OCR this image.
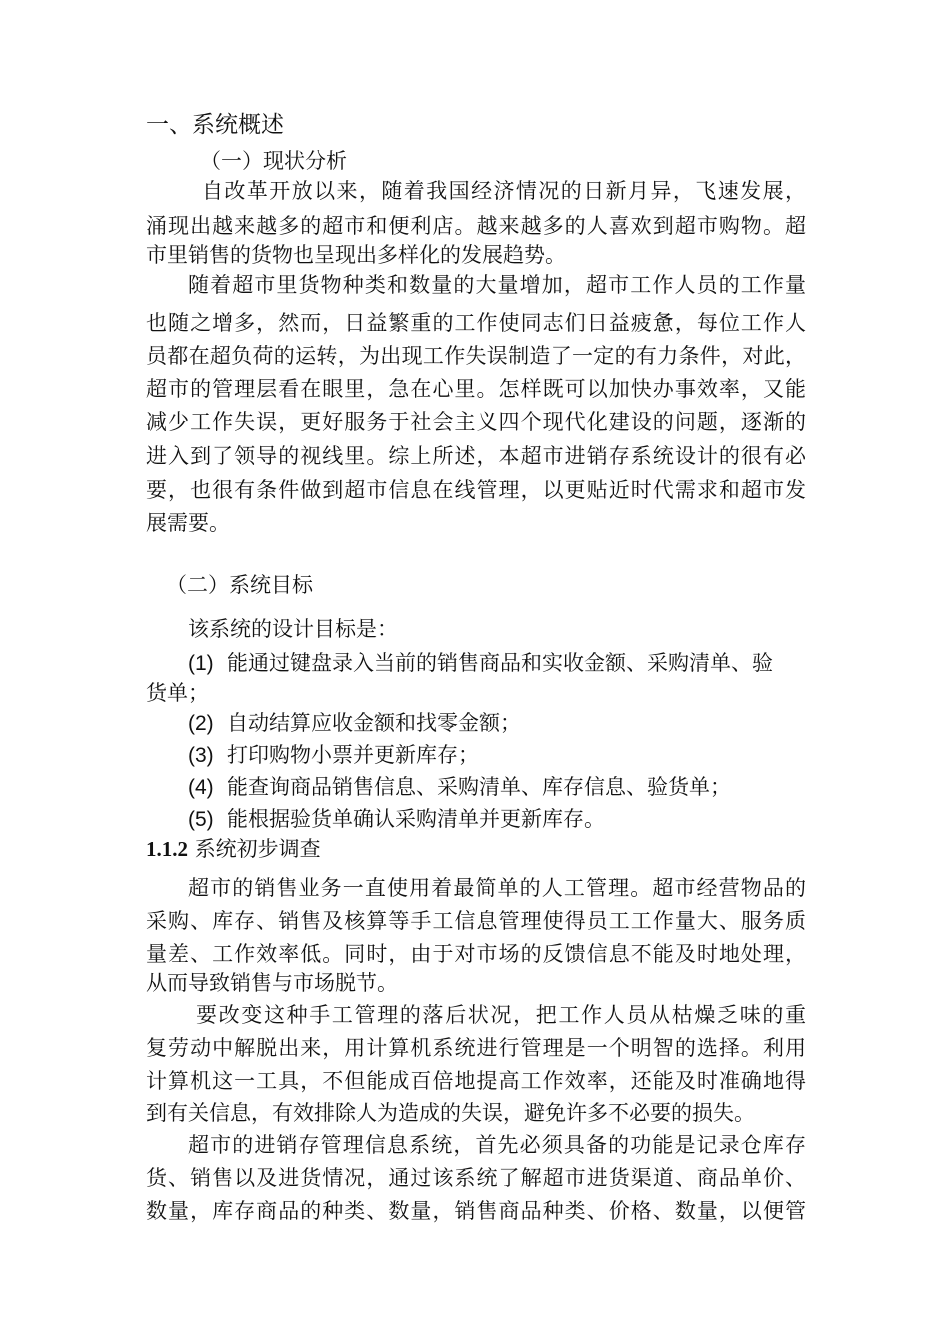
一、系统概述
（一）现状分析
自改革开放以来，随着我国经济情况的日新月异，飞速发展，
涌现出越来越多的超市和便利店。越来越多的人喜欢到超市购物。超
市里销售的货物也呈现出多样化的发展趋势。
随着超市里货物种类和数量的大量增加，超市工作人员的工作量
也随之增多，然而，日益繁重的工作使同志们日益疲惫，每位工作人
员都在超负荷的运转，为出现工作失误制造了一定的有力条件，对此，
超市的管理层看在眼里，急在心里。怎样既可以加快办事效率，又能
减少工作失误，更好服务于社会主义四个现代化建设的问题，逐渐的
进入到了领导的视线里。综上所述，本超市进销存系统设计的很有必
要，也很有条件做到超市信息在线管理，以更贴近时代需求和超市发
展需要。
（二）系统目标
该系统的设计目标是：
(1) 能通过键盘录入当前的销售商品和实收金额、采购清单、验
货单；
(2) 自动结算应收金额和找零金额；
(3) 打印购物小票并更新库存；
(4) 能查询商品销售信息、采购清单、库存信息、验货单；
(5) 能根据验货单确认采购清单并更新库存。
1.1.2 系统初步调查
超市的销售业务一直使用着最简单的人工管理。超市经营物品的
采购、库存、销售及核算等手工信息管理使得员工工作量大、服务质
量差、工作效率低。同时，由于对市场的反馈信息不能及时地处理，
从而导致销售与市场脱节。
要改变这种手工管理的落后状况，把工作人员从枯燥乏味的重
复劳动中解脱出来，用计算机系统进行管理是一个明智的选择。利用
计算机这一工具，不但能成百倍地提高工作效率，还能及时准确地得
到有关信息，有效排除人为造成的失误，避免许多不必要的损失。
超市的进销存管理信息系统，首先必须具备的功能是记录仓库存
货、销售以及进货情况，通过该系统了解超市进货渠道、商品单价、
数量，库存商品的种类、数量，销售商品种类、价格、数量，以便管
